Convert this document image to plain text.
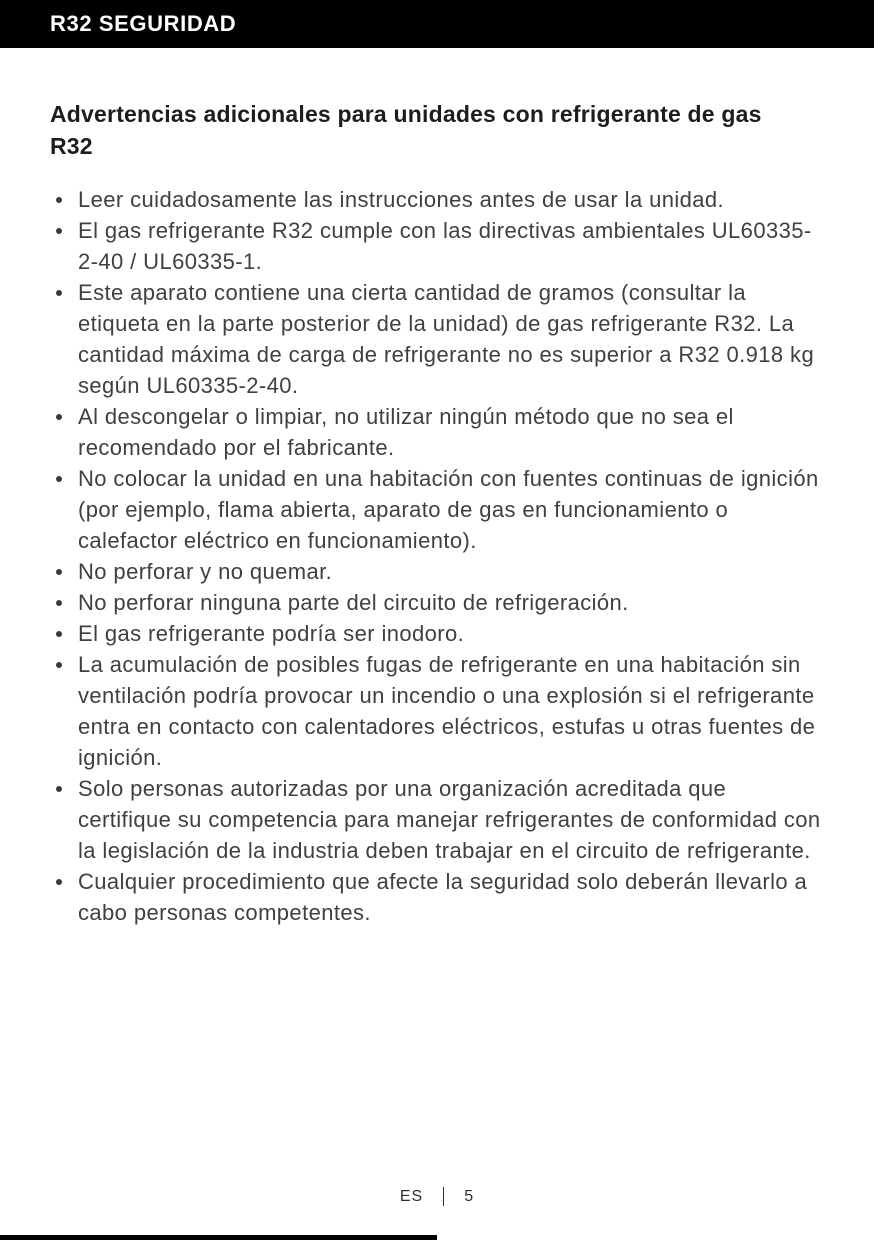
R32 SEGURIDAD
Advertencias adicionales para unidades con refrigerante de gas R32
Leer cuidadosamente las instrucciones antes de usar la unidad.
El gas refrigerante R32 cumple con las directivas ambientales UL60335-2-40 / UL60335-1.
Este aparato contiene una cierta cantidad de gramos (consultar la etiqueta en la parte posterior de la unidad) de gas refrigerante R32. La cantidad máxima de carga de refrigerante no es superior a R32 0.918 kg según UL60335-2-40.
Al descongelar o limpiar, no utilizar ningún método que no sea el recomendado por el fabricante.
No colocar la unidad en una habitación con fuentes continuas de ignición (por ejemplo, flama abierta, aparato de gas en funcionamiento o calefactor eléctrico en funcionamiento).
No perforar y no quemar.
No perforar ninguna parte del circuito de refrigeración.
El gas refrigerante podría ser inodoro.
La acumulación de posibles fugas de refrigerante en una habitación sin ventilación podría provocar un incendio o una explosión si el refrigerante entra en contacto con calentadores eléctricos, estufas u otras fuentes de ignición.
Solo personas autorizadas por una organización acreditada que certifique su competencia para manejar refrigerantes de conformidad con la legislación de la industria deben trabajar en el circuito de refrigerante.
Cualquier procedimiento que afecte la seguridad solo deberán llevarlo a cabo personas competentes.
ES	5
